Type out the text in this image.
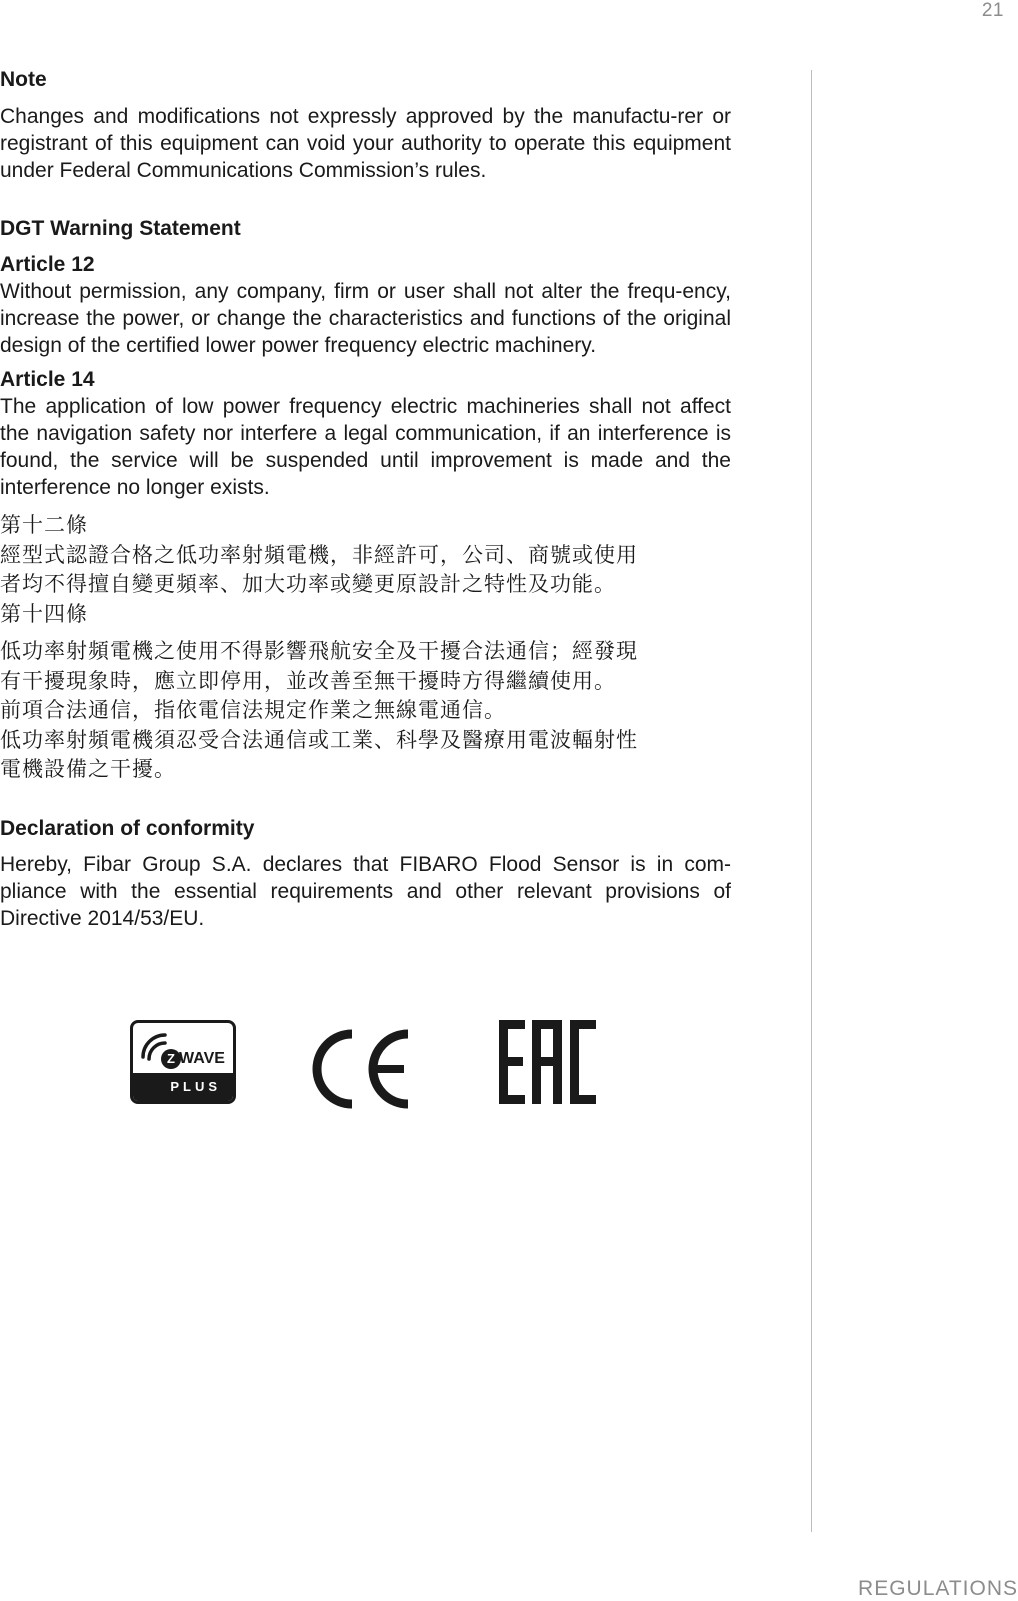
21

Note

Changes and modifications not expressly approved by the manufactu-rer or registrant of this equipment can void your authority to operate this equipment under Federal Communications Commission’s rules.

DGT Warning Statement

Article 12

Without permission, any company, firm or user shall not alter the frequ-ency, increase the power, or change the characteristics and functions of the original design of the certified lower power frequency electric machinery.

Article 14

The application of low power frequency electric machineries shall not affect the navigation safety nor interfere a legal communication, if an interference is found, the service will be suspended until improvement is made and the interference no longer exists.

第十二條

經型式認證合格之低功率射頻電機，非經許可，公司、商號或使用

者均不得擅自變更頻率、加大功率或變更原設計之特性及功能。

第十四條

低功率射頻電機之使用不得影響飛航安全及干擾合法通信；經發現

有干擾現象時，應立即停用，並改善至無干擾時方得繼續使用。

前項合法通信，指依電信法規定作業之無線電通信。

低功率射頻電機須忍受合法通信或工業、科學及醫療用電波輻射性

電機設備之干擾。

Declaration of conformity

Hereby, Fibar Group S.A. declares that FIBARO Flood Sensor is in com-pliance with the essential requirements and other relevant provisions of Directive 2014/53/EU.

Z WAVE
PLUS
REGULATIONS
